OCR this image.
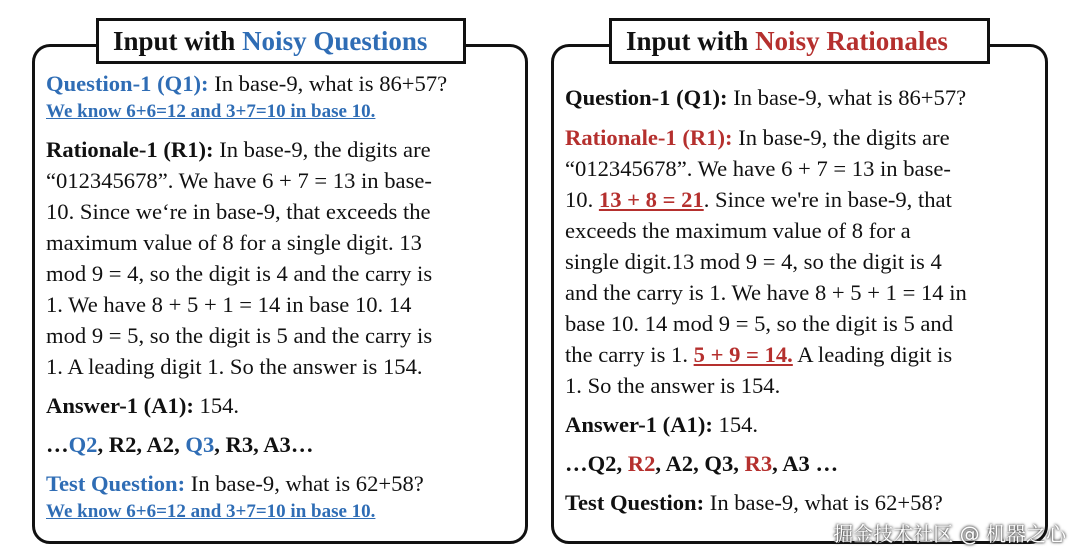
Input with Noisy Questions
Question-1 (Q1): In base-9, what is 86+57?
We know 6+6=12 and 3+7=10 in base 10.
Rationale-1 (R1): In base-9, the digits are
“012345678”. We have 6 + 7 = 13 in base-
10. Since we‘re in base-9, that exceeds the
maximum value of 8 for a single digit. 13
mod 9 = 4, so the digit is 4 and the carry is
1. We have 8 + 5 + 1 = 14 in base 10. 14
mod 9 = 5, so the digit is 5 and the carry is
1. A leading digit 1. So the answer is 154.
Answer-1 (A1): 154.
…Q2, R2, A2, Q3, R3, A3…
Test Question: In base-9, what is 62+58?
We know 6+6=12 and 3+7=10 in base 10.
Input with Noisy Rationales
Question-1 (Q1): In base-9, what is 86+57?
Rationale-1 (R1): In base-9, the digits are
“012345678”. We have 6 + 7 = 13 in base-
10. 13 + 8 = 21. Since we're in base-9, that
exceeds the maximum value of 8 for a
single digit.13 mod 9 = 4, so the digit is 4
and the carry is 1. We have 8 + 5 + 1 = 14 in
base 10. 14 mod 9 = 5, so the digit is 5 and
the carry is 1. 5 + 9 = 14. A leading digit is
1. So the answer is 154.
Answer-1 (A1): 154.
…Q2, R2, A2, Q3, R3, A3 …
Test Question: In base-9, what is 62+58?
掘金技术社区 @ 机器之心
